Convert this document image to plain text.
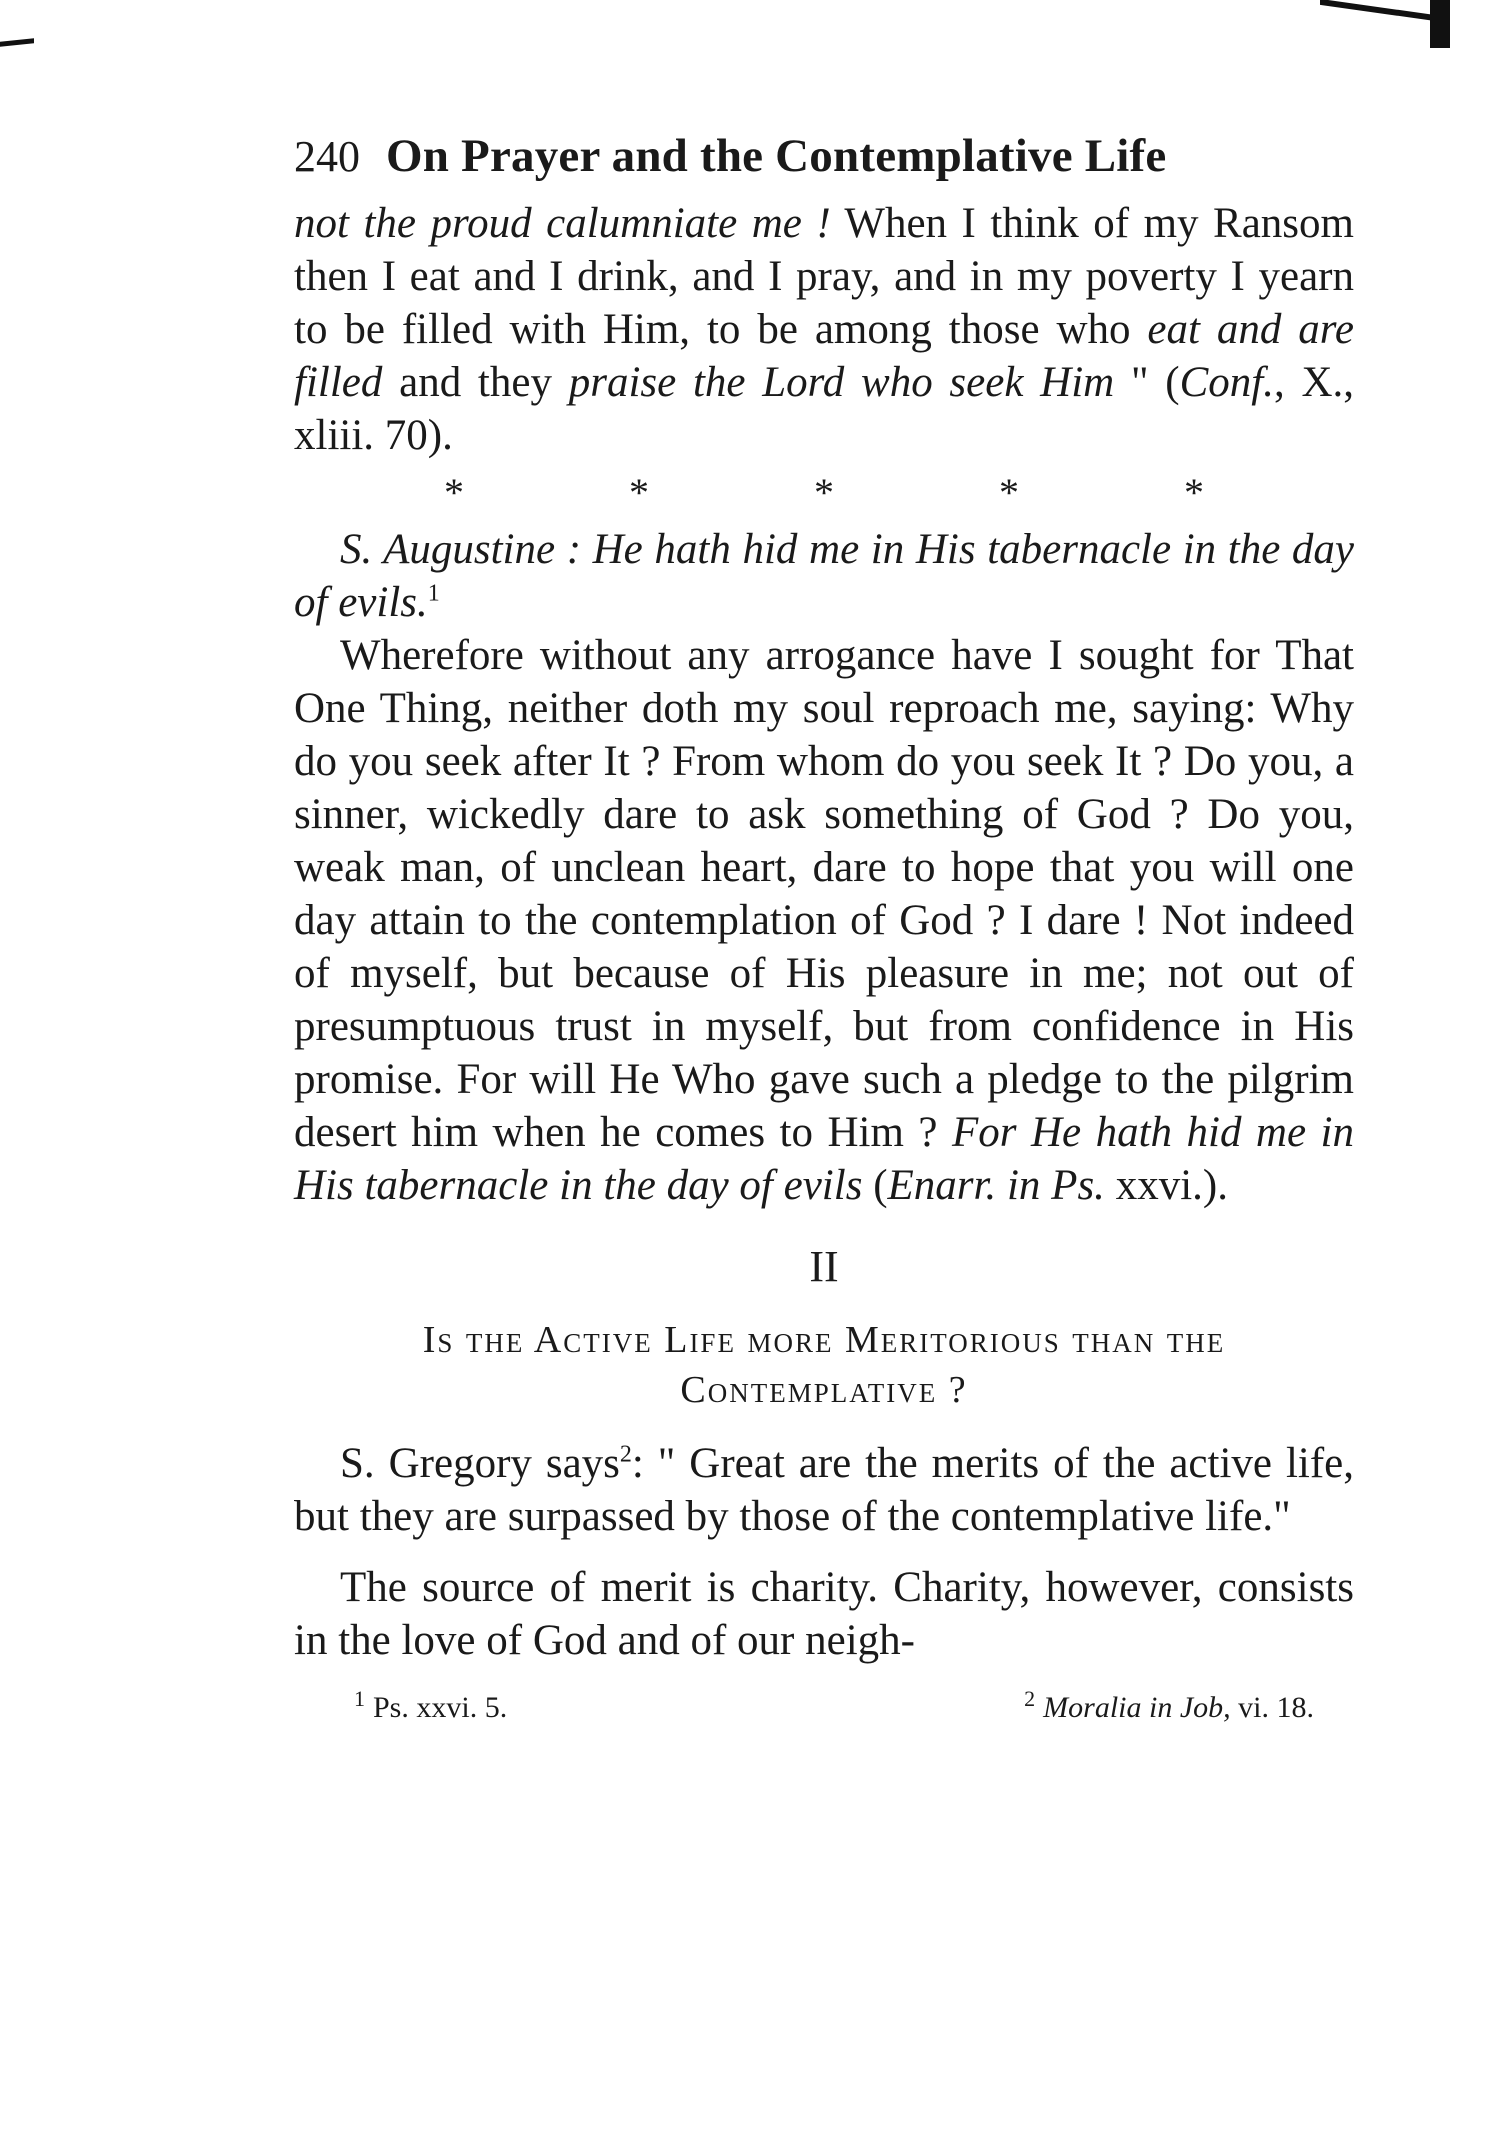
240 On Prayer and the Contemplative Life

not the proud calumniate me ! When I think of my Ransom then I eat and I drink, and I pray, and in my poverty I yearn to be filled with Him, to be among those who eat and are filled and they praise the Lord who seek Him " (Conf., X., xliii. 70).

*	*	*	*	*

S. Augustine : He hath hid me in His tabernacle in the day of evils.$^1$

Wherefore without any arrogance have I sought for That One Thing, neither doth my soul reproach me, saying: Why do you seek after It ? From whom do you seek It ? Do you, a sinner, wickedly dare to ask something of God ? Do you, weak man, of unclean heart, dare to hope that you will one day attain to the contemplation of God ? I dare ! Not indeed of myself, but because of His pleasure in me; not out of presumptuous trust in myself, but from confidence in His promise. For will He Who gave such a pledge to the pilgrim desert him when he comes to Him ? For He hath hid me in His tabernacle in the day of evils (Enarr. in Ps. xxvi.).

II
Is the Active Life more Meritorious than the Contemplative ?

S. Gregory says$^2$: " Great are the merits of the active life, but they are surpassed by those of the contemplative life."

The source of merit is charity. Charity, however, consists in the love of God and of our neigh-

$^1$ Ps. xxvi. 5.	$^2$ Moralia in Job, vi. 18.
